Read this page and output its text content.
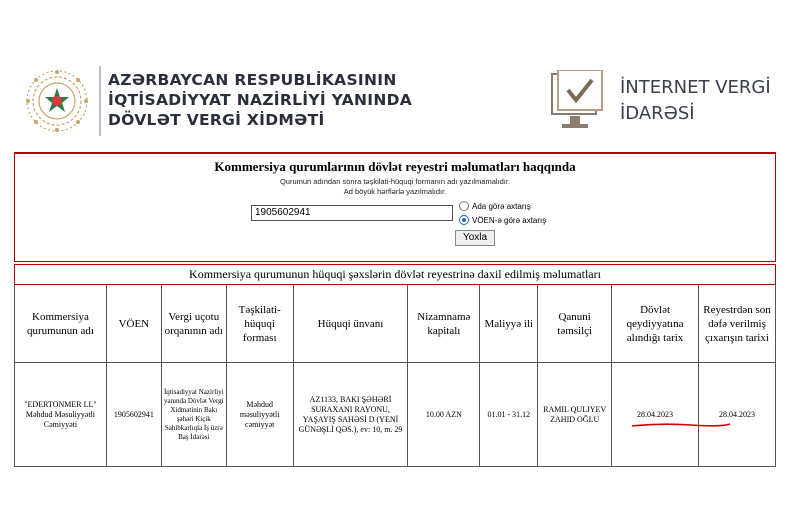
AZƏRBAYCAN RESPUBLİKASININ
İQTİSADİYYAT NAZİRLİYİ YANINDA
DÖVLƏT VERGİ XİDMƏTİ
İNTERNET VERGİ
İDARƏSİ
Kommersiya qurumlarının dövlət reyestri məlumatları haqqında
Qurumun adından sonra təşkilati-hüquqi formanın adı yazılmamalıdır.
Ad böyük hərflərlə yazılmalıdır.
1905602941
Ada görə axtarış
VÖEN-ə görə axtarış
Yoxla
Kommersiya qurumunun hüquqi şəxslərin dövlət reyestrinə daxil edilmiş məlumatları									
Kommersiya qurumunun adı	VÖEN	Vergi uçotu orqanının adı	Təşkilati-hüquqi forması	Hüquqi ünvanı	Nizamnamə kapitalı	Maliyyə ili	Qanuni təmsilçi	Dövlət qeydiyyatına alındığı tarix	Reyestrdən son dəfə verilmiş çıxarışın tarixi
"EDERTONMER LL" Məhdud Məsuliyyətli Cəmiyyəti	1905602941	İqtisadiyyat Nazirliyi yanında Dövlət Vergi Xidmətinin Bakı şəhəri Kiçik Sahibkarlıqla İş üzrə Baş İdarəsi	Məhdud məsuliyyətli cəmiyyət	AZ1133, BAKI ŞƏHƏRİ SURAXANI RAYONU, YAŞAYIŞ SAHƏSİ D (YENİ GÜNƏŞLİ QƏS.), ev: 10, m. 29	10.00 AZN	01.01 - 31.12	RAMIL QULIYEV ZAHID OĞLU	28.04.2023	28.04.2023
